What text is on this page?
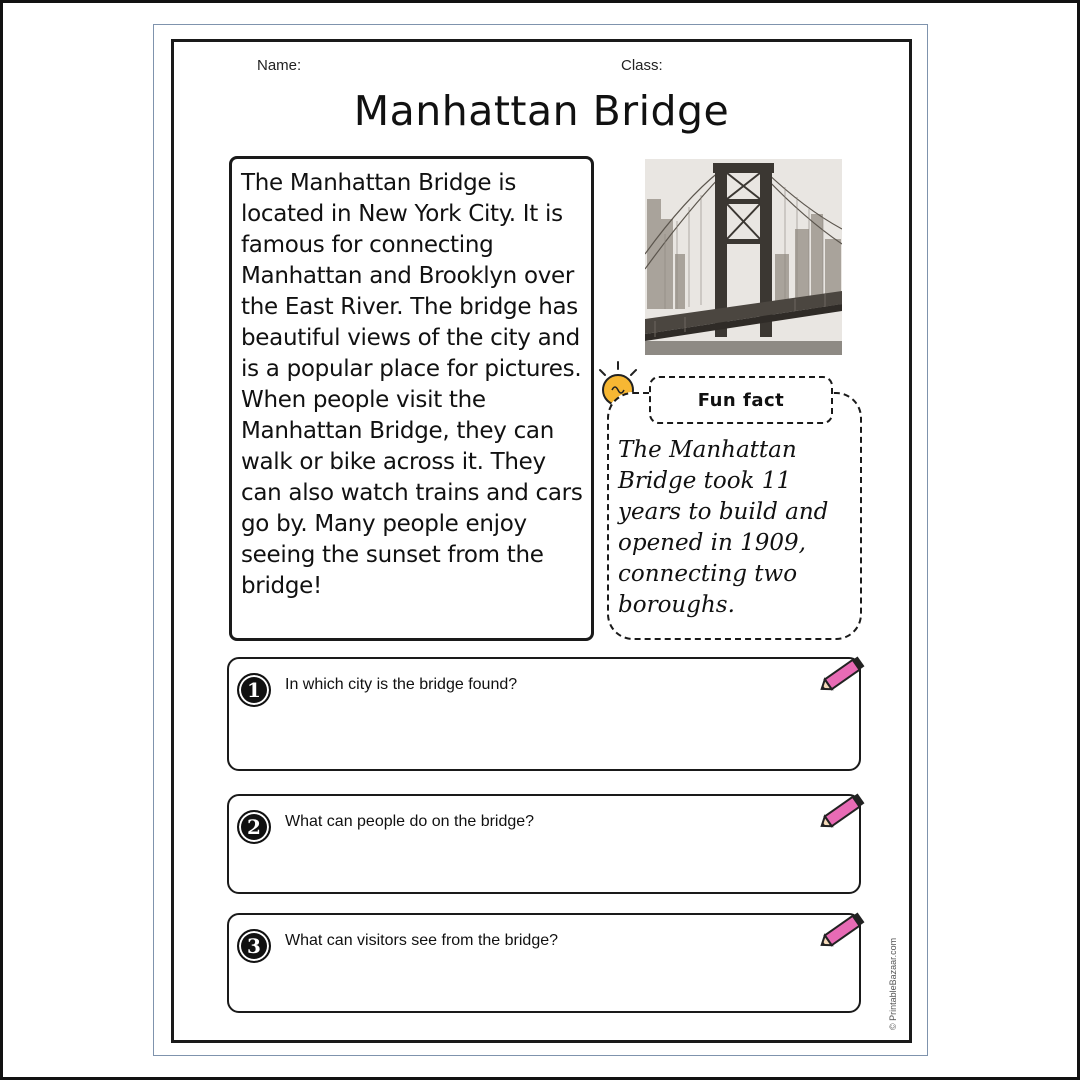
Name:	Class:
Manhattan Bridge

The Manhattan Bridge is located in New York City. It is famous for connecting Manhattan and Brooklyn over the East River. The bridge has beautiful views of the city and is a popular place for pictures. When people visit the Manhattan Bridge, they can walk or bike across it. They can also watch trains and cars go by. Many people enjoy seeing the sunset from the bridge!

Fun fact

The Manhattan Bridge took 11 years to build and opened in 1909, connecting two boroughs.

1	In which city is the bridge found?
2	What can people do on the bridge?
3	What can visitors see from the bridge?	© PrintableBazaar.com
